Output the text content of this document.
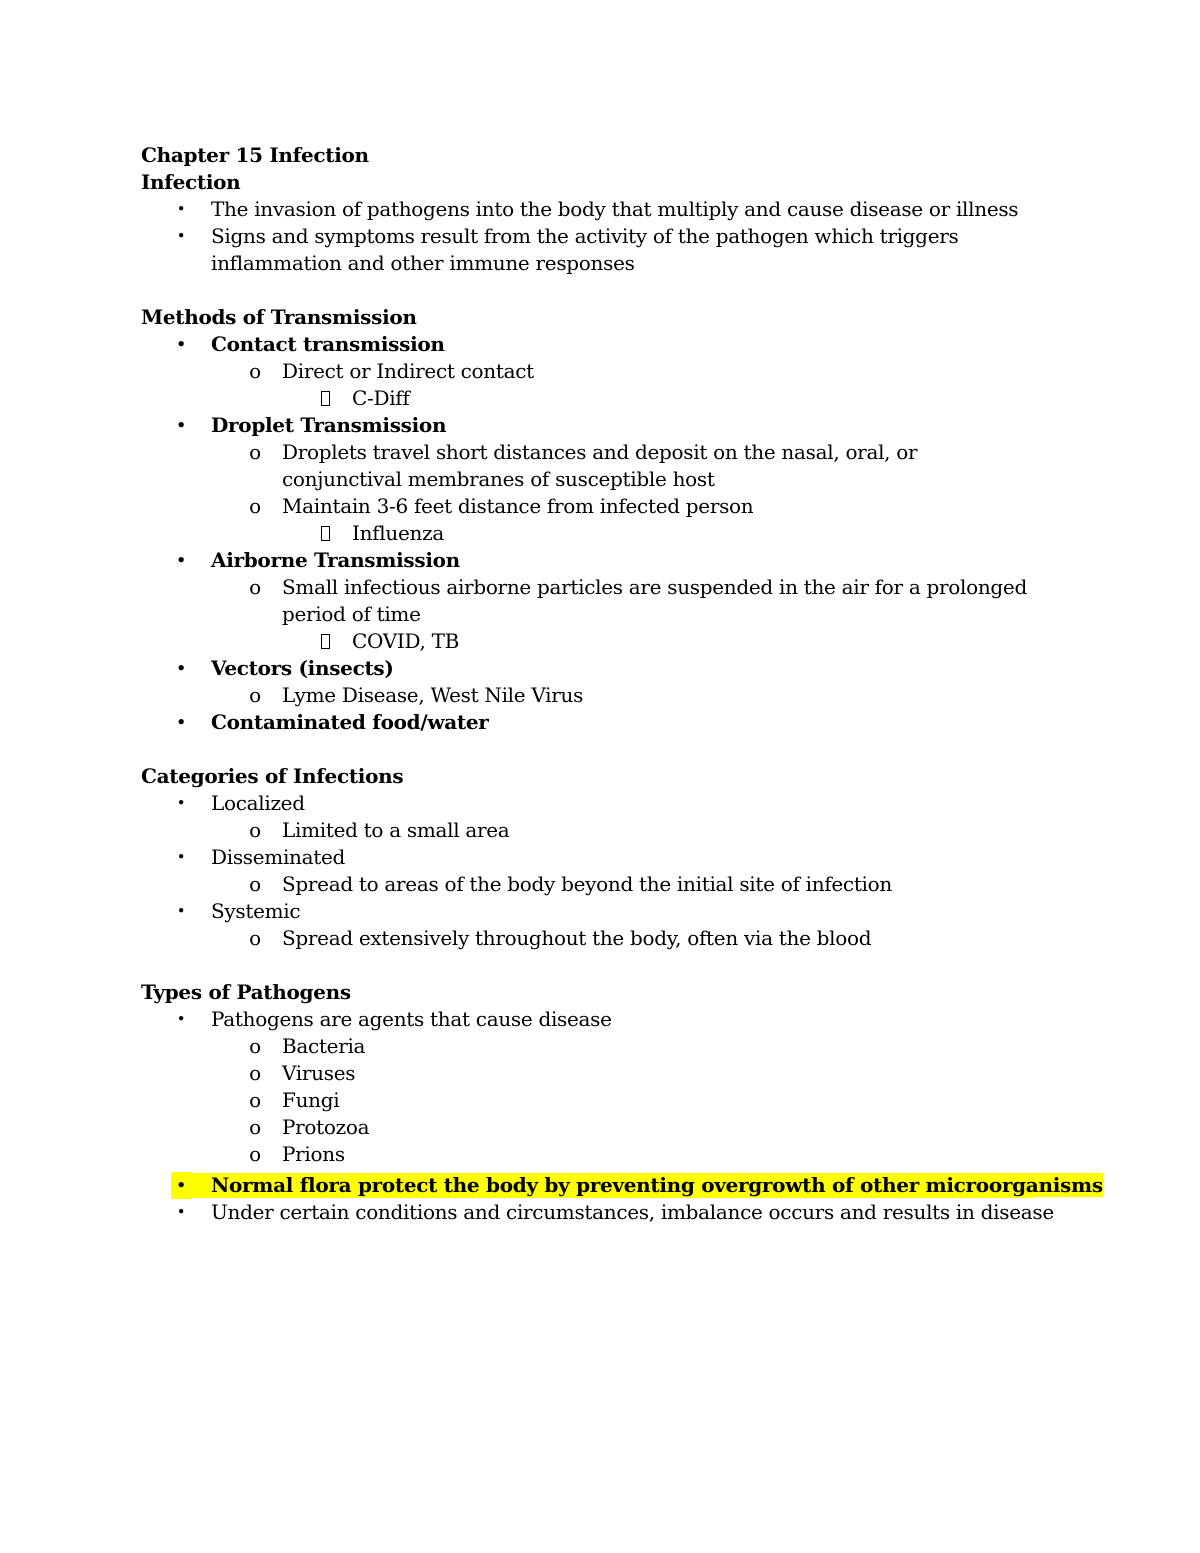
Chapter 15 Infection
Infection
• The invasion of pathogens into the body that multiply and cause disease or illness
• Signs and symptoms result from the activity of the pathogen which triggers inflammation and other immune responses
Methods of Transmission
• Contact transmission
o	Direct or Indirect contact
C-Diff
• Droplet Transmission
o	Droplets travel short distances and deposit on the nasal, oral, or conjunctival membranes of susceptible host
o	Maintain 3-6 feet distance from infected person
Influenza
• Airborne Transmission
o	Small infectious airborne particles are suspended in the air for a prolonged period of time
COVID, TB
• Vectors (insects)
o	Lyme Disease, West Nile Virus
• Contaminated food/water
Categories of Infections
• Localized
o	Limited to a small area
• Disseminated
o	Spread to areas of the body beyond the initial site of infection
• Systemic
o	Spread extensively throughout the body, often via the blood
Types of Pathogens
• Pathogens are agents that cause disease
o	Bacteria
o	Viruses
o	Fungi
o	Protozoa
o	Prions
• Normal flora protect the body by preventing overgrowth of other microorganisms
• Under certain conditions and circumstances, imbalance occurs and results in disease
